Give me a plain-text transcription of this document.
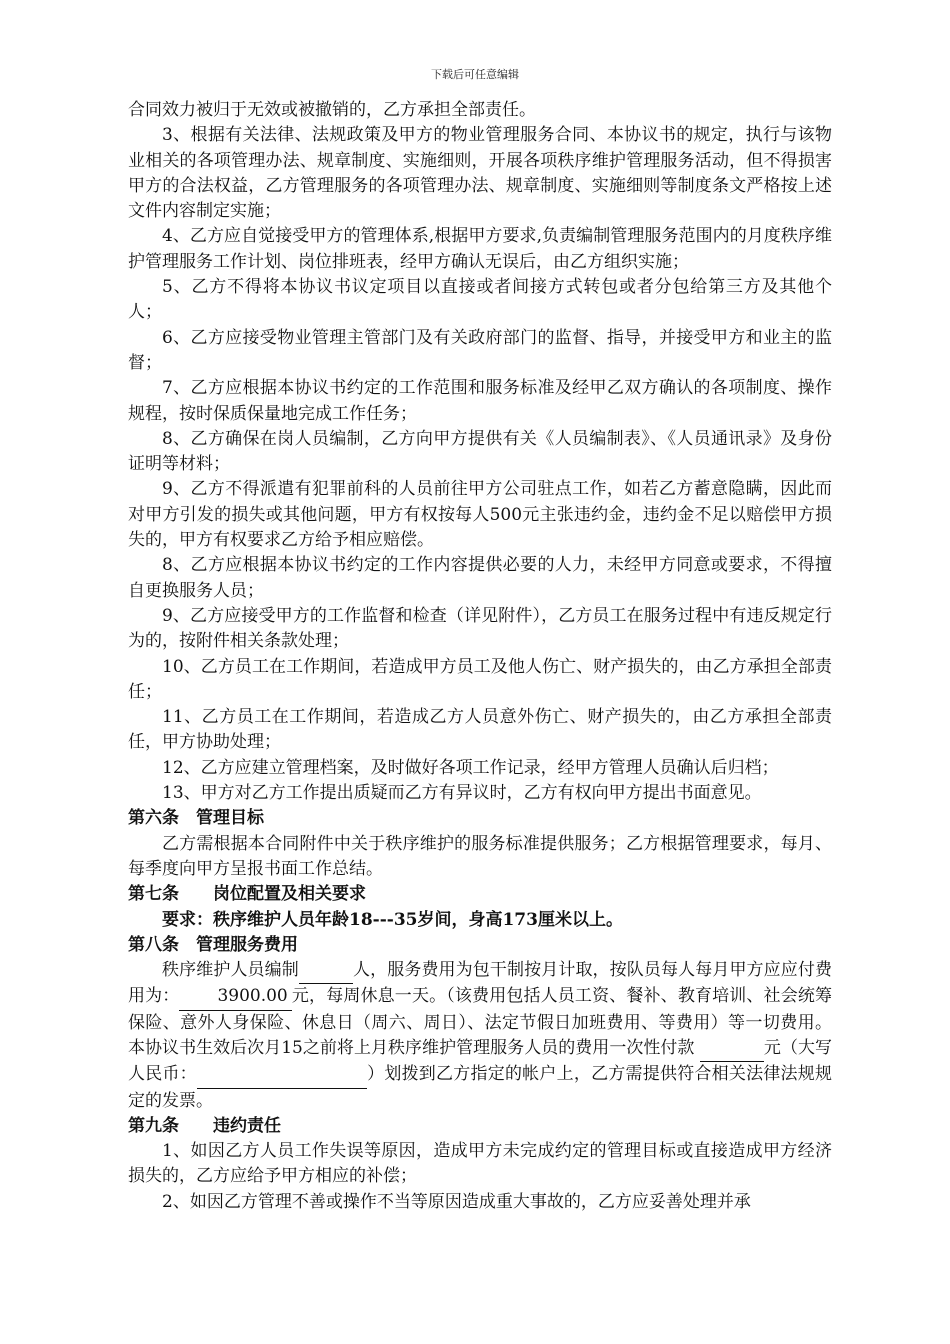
下载后可任意编辑

合同效力被归于无效或被撤销的，乙方承担全部责任。

3、根据有关法律、法规政策及甲方的物业管理服务合同、本协议书的规定，执行与该物业相关的各项管理办法、规章制度、实施细则，开展各项秩序维护管理服务活动，但不得损害甲方的合法权益，乙方管理服务的各项管理办法、规章制度、实施细则等制度条文严格按上述文件内容制定实施；

4、乙方应自觉接受甲方的管理体系,根据甲方要求,负责编制管理服务范围内的月度秩序维护管理服务工作计划、岗位排班表，经甲方确认无误后，由乙方组织实施；

5、乙方不得将本协议书议定项目以直接或者间接方式转包或者分包给第三方及其他个人；

6、乙方应接受物业管理主管部门及有关政府部门的监督、指导，并接受甲方和业主的监督；

7、乙方应根据本协议书约定的工作范围和服务标准及经甲乙双方确认的各项制度、操作规程，按时保质保量地完成工作任务；

8、乙方确保在岗人员编制，乙方向甲方提供有关《人员编制表》、《人员通讯录》及身份证明等材料；

9、乙方不得派遣有犯罪前科的人员前往甲方公司驻点工作，如若乙方蓄意隐瞒，因此而对甲方引发的损失或其他问题，甲方有权按每人500元主张违约金，违约金不足以赔偿甲方损失的，甲方有权要求乙方给予相应赔偿。

8、乙方应根据本协议书约定的工作内容提供必要的人力，未经甲方同意或要求，不得擅自更换服务人员；

9、乙方应接受甲方的工作监督和检查（详见附件），乙方员工在服务过程中有违反规定行为的，按附件相关条款处理；

10、乙方员工在工作期间，若造成甲方员工及他人伤亡、财产损失的，由乙方承担全部责任；

11、乙方员工在工作期间，若造成乙方人员意外伤亡、财产损失的，由乙方承担全部责任，甲方协助处理；

12、乙方应建立管理档案，及时做好各项工作记录，经甲方管理人员确认后归档；

13、甲方对乙方工作提出质疑而乙方有异议时，乙方有权向甲方提出书面意见。

第六条　管理目标

乙方需根据本合同附件中关于秩序维护的服务标准提供服务；乙方根据管理要求，每月、每季度向甲方呈报书面工作总结。

第七条　　岗位配置及相关要求

要求：秩序维护人员年龄18---35岁间，身高173厘米以上。

第八条　管理服务费用

秩序维护人员编制	人，服务费用为包干制按月计取，按队员每人每月甲方应应付费用为： 3900.00 元，每周休息一天。（该费用包括人员工资、餐补、教育培训、社会统筹保险、意外人身保险、休息日（周六、周日）、法定节假日加班费用、等费用）等一切费用。本协议书生效后次月15之前将上月秩序维护管理服务人员的费用一次性付款	元（大写人民币：	）划拨到乙方指定的帐户上，乙方需提供符合相关法律法规规定的发票。

第九条　　违约责任

1、如因乙方人员工作失误等原因，造成甲方未完成约定的管理目标或直接造成甲方经济损失的，乙方应给予甲方相应的补偿；

2、如因乙方管理不善或操作不当等原因造成重大事故的，乙方应妥善处理并承
